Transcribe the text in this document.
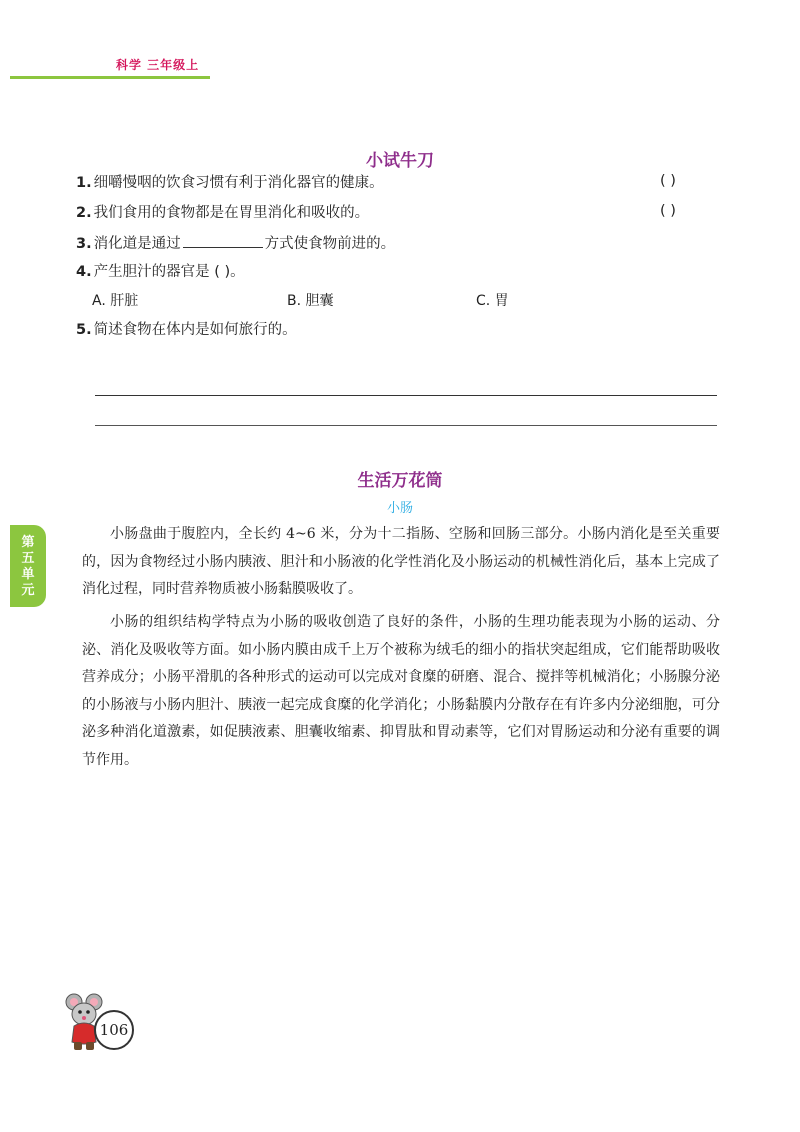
科学 三年级上
小试牛刀
1. 细嚼慢咽的饮食习惯有利于消化器官的健康。	( )
2. 我们食用的食物都是在胃里消化和吸收的。	( )
3. 消化道是通过	方式使食物前进的。
4. 产生胆汁的器官是 ( )。
A. 肝脏	B. 胆囊	C. 胃
5. 简述食物在体内是如何旅行的。
生活万花筒
小肠
小肠盘曲于腹腔内，全长约 4~6 米，分为十二指肠、空肠和回肠三部分。小肠内消化是至关重要的，因为食物经过小肠内胰液、胆汁和小肠液的化学性消化及小肠运动的机械性消化后，基本上完成了消化过程，同时营养物质被小肠黏膜吸收了。
小肠的组织结构学特点为小肠的吸收创造了良好的条件，小肠的生理功能表现为小肠的运动、分泌、消化及吸收等方面。如小肠内膜由成千上万个被称为绒毛的细小的指状突起组成，它们能帮助吸收营养成分；小肠平滑肌的各种形式的运动可以完成对食糜的研磨、混合、搅拌等机械消化；小肠腺分泌的小肠液与小肠内胆汁、胰液一起完成食糜的化学消化；小肠黏膜内分散存在有许多内分泌细胞，可分泌多种消化道激素，如促胰液素、胆囊收缩素、抑胃肽和胃动素等，它们对胃肠运动和分泌有重要的调节作用。
第五单元
106
